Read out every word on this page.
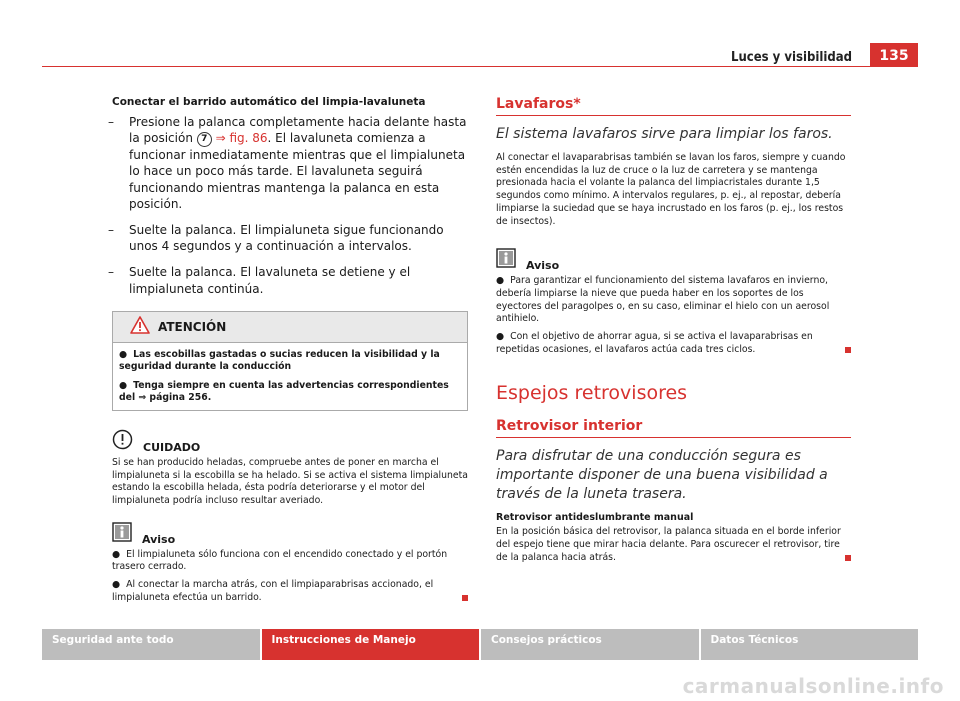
Luces y visibilidad	135
Conectar el barrido automático del limpia-lavaluneta
– Presione la palanca completamente hacia delante hasta la posición 7 ⇒ fig. 86. El lavaluneta comienza a funcionar inmediatamente mientras que el limpialuneta lo hace un poco más tarde. El lavaluneta seguirá funcionando mientras mantenga la palanca en esta posición.
– Suelte la palanca. El limpialuneta sigue funcionando unos 4 segundos y a continuación a intervalos.
– Suelte la palanca. El lavaluneta se detiene y el limpialuneta continúa.
ATENCIÓN
● Las escobillas gastadas o sucias reducen la visibilidad y la seguridad durante la conducción
● Tenga siempre en cuenta las advertencias correspondientes del ⇒ página 256.
CUIDADO

Si se han producido heladas, compruebe antes de poner en marcha el limpialuneta si la escobilla se ha helado. Si se activa el sistema limpialuneta estando la escobilla helada, ésta podría deteriorarse y el motor del limpialuneta podría incluso resultar averiado.

Aviso
● El limpialuneta sólo funciona con el encendido conectado y el portón trasero cerrado.
● Al conectar la marcha atrás, con el limpiaparabrisas accionado, el limpialuneta efectúa un barrido.
Lavafaros*
El sistema lavafaros sirve para limpiar los faros.

Al conectar el lavaparabrisas también se lavan los faros, siempre y cuando estén encendidas la luz de cruce o la luz de carretera y se mantenga presionada hacia el volante la palanca del limpiacristales durante 1,5 segundos como mínimo. A intervalos regulares, p. ej., al repostar, debería limpiarse la suciedad que se haya incrustado en los faros (p. ej., los restos de insectos).

Aviso
● Para garantizar el funcionamiento del sistema lavafaros en invierno, debería limpiarse la nieve que pueda haber en los soportes de los eyectores del paragolpes o, en su caso, eliminar el hielo con un aerosol antihielo.
● Con el objetivo de ahorrar agua, si se activa el lavaparabrisas en repetidas ocasiones, el lavafaros actúa cada tres ciclos.
Espejos retrovisores
Retrovisor interior
Para disfrutar de una conducción segura es importante disponer de una buena visibilidad a través de la luneta trasera.
Retrovisor antideslumbrante manual

En la posición básica del retrovisor, la palanca situada en el borde inferior del espejo tiene que mirar hacia delante. Para oscurecer el retrovisor, tire de la palanca hacia atrás.

Seguridad ante todo	Instrucciones de Manejo	Consejos prácticos	Datos Técnicos
carmanualsonline.info
